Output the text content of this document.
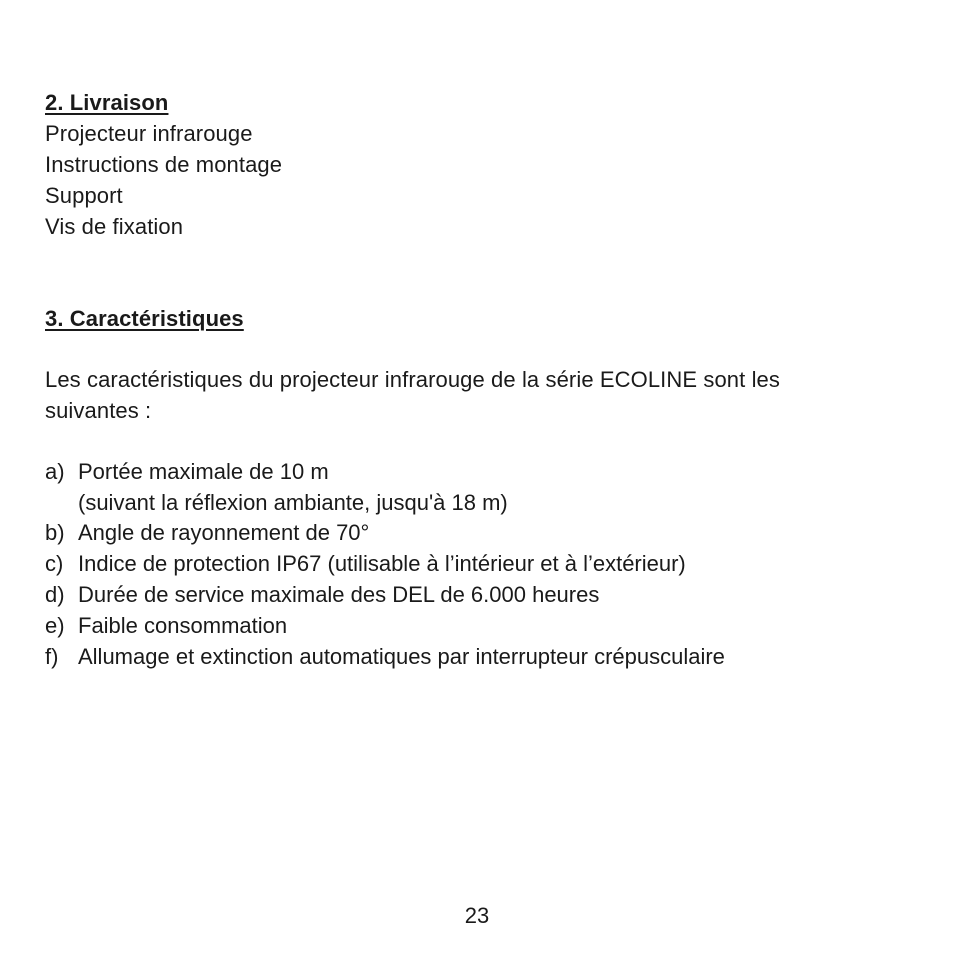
2. Livraison
Projecteur infrarouge
Instructions de montage
Support
Vis de fixation
3. Caractéristiques
Les caractéristiques du projecteur infrarouge de la série ECOLINE sont les
suivantes :
a) Portée maximale de 10 m
(suivant la réflexion ambiante, jusqu'à 18 m)
b) Angle de rayonnement de 70°
c) Indice de protection IP67 (utilisable à l’intérieur et à l’extérieur)
d) Durée de service maximale des DEL de 6.000 heures
e) Faible consommation
f) Allumage et extinction automatiques par interrupteur crépusculaire
23
